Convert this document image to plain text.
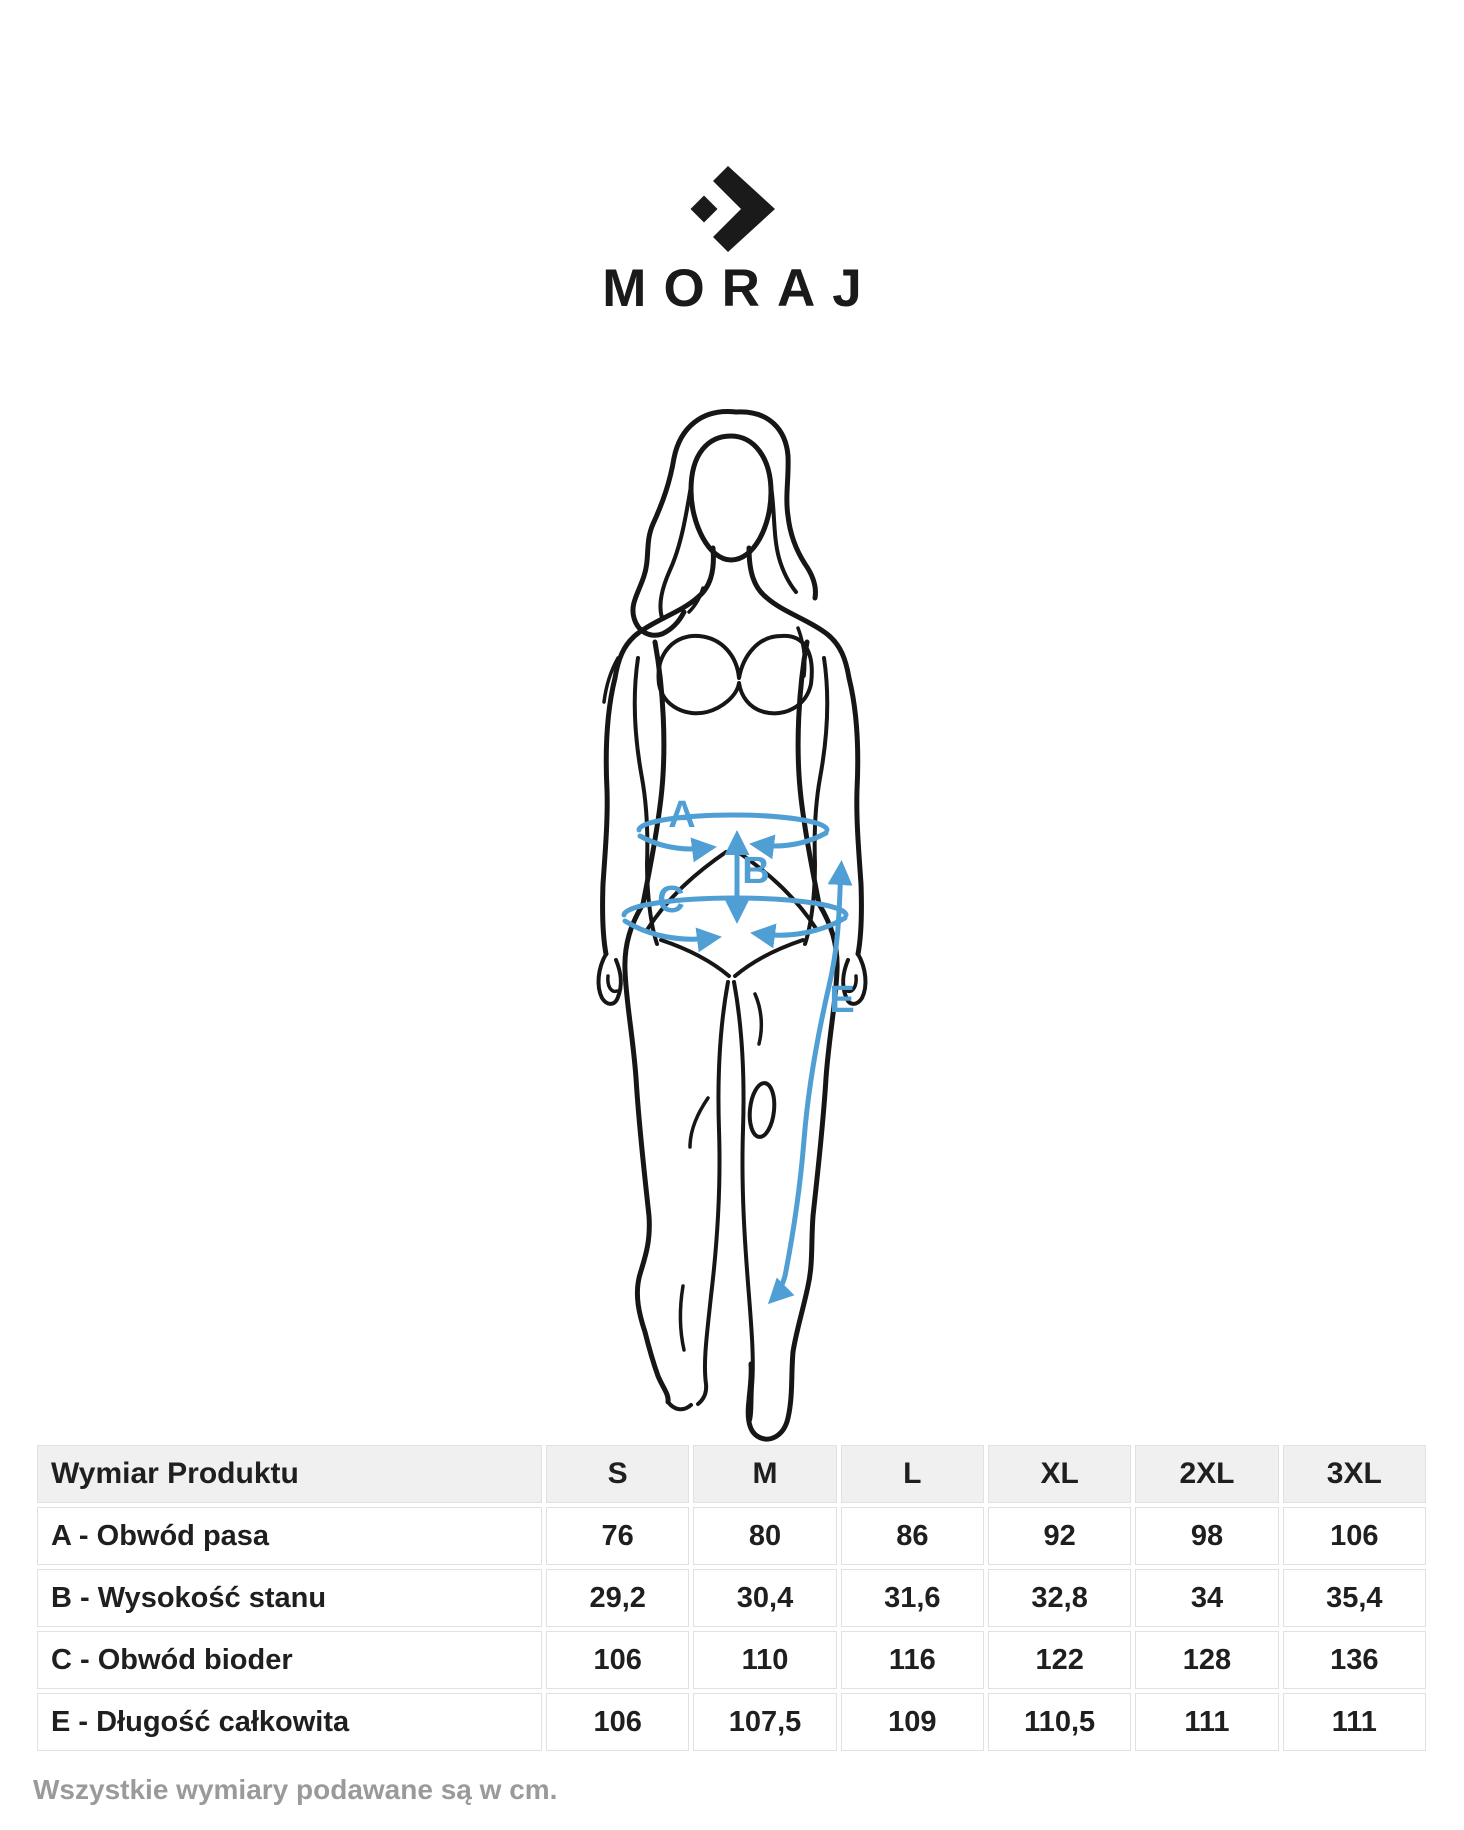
MORAJ
A
B
C
E
Wymiar Produktu	S	M	L	XL	2XL	3XL
A - Obwód pasa	76	80	86	92	98	106
B - Wysokość stanu	29,2	30,4	31,6	32,8	34	35,4
C - Obwód bioder	106	110	116	122	128	136
E - Długość całkowita	106	107,5	109	110,5	111	111

Wszystkie wymiary podawane są w cm.
